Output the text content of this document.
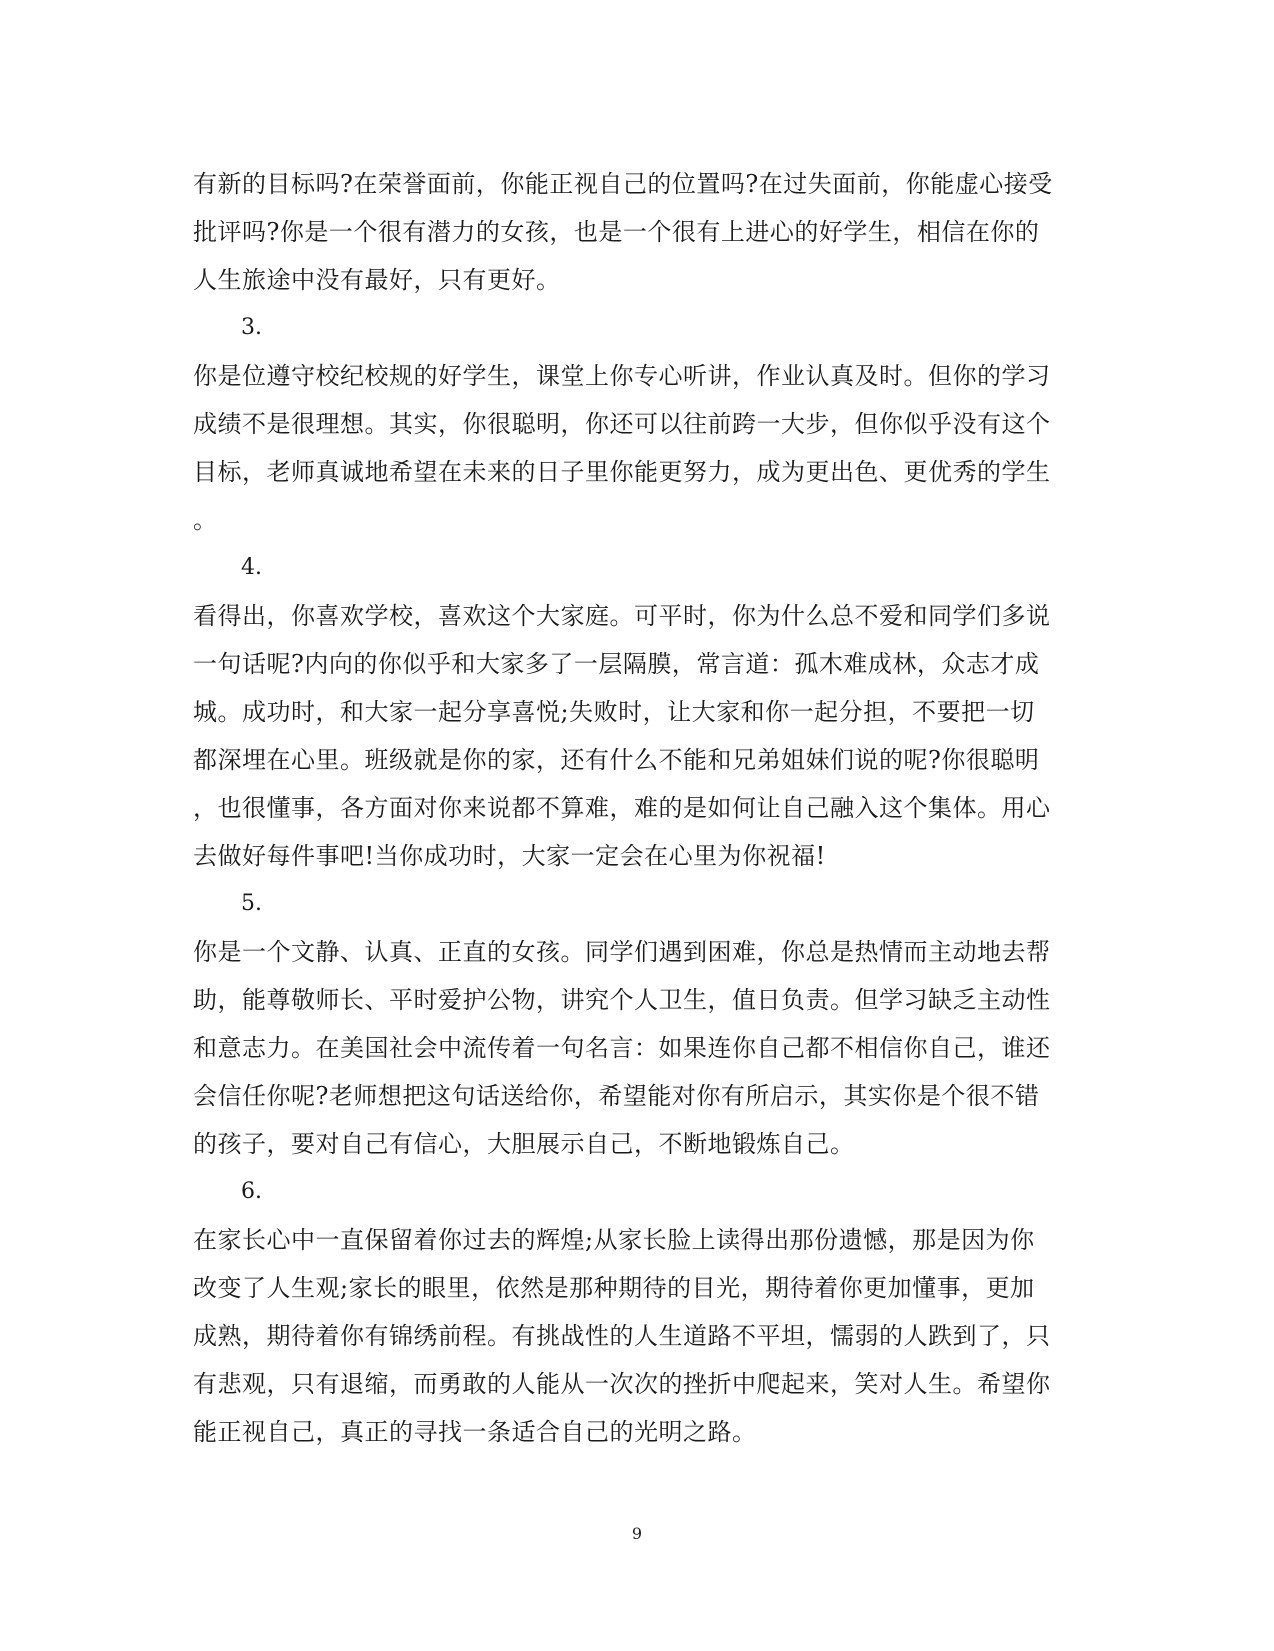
有新的目标吗?在荣誉面前，你能正视自己的位置吗?在过失面前，你能虚心接受
批评吗?你是一个很有潜力的女孩，也是一个很有上进心的好学生，相信在你的
人生旅途中没有最好，只有更好。
3.
你是位遵守校纪校规的好学生，课堂上你专心听讲，作业认真及时。但你的学习
成绩不是很理想。其实，你很聪明，你还可以往前跨一大步，但你似乎没有这个
目标，老师真诚地希望在未来的日子里你能更努力，成为更出色、更优秀的学生
。
4.
看得出，你喜欢学校，喜欢这个大家庭。可平时，你为什么总不爱和同学们多说
一句话呢?内向的你似乎和大家多了一层隔膜，常言道：孤木难成林，众志才成
城。成功时，和大家一起分享喜悦;失败时，让大家和你一起分担，不要把一切
都深埋在心里。班级就是你的家，还有什么不能和兄弟姐妹们说的呢?你很聪明
，也很懂事，各方面对你来说都不算难，难的是如何让自己融入这个集体。用心
去做好每件事吧!当你成功时，大家一定会在心里为你祝福!
5.
你是一个文静、认真、正直的女孩。同学们遇到困难，你总是热情而主动地去帮
助，能尊敬师长、平时爱护公物，讲究个人卫生，值日负责。但学习缺乏主动性
和意志力。在美国社会中流传着一句名言：如果连你自己都不相信你自己，谁还
会信任你呢?老师想把这句话送给你，希望能对你有所启示，其实你是个很不错
的孩子，要对自己有信心，大胆展示自己，不断地锻炼自己。
6.
在家长心中一直保留着你过去的辉煌;从家长脸上读得出那份遗憾，那是因为你
改变了人生观;家长的眼里，依然是那种期待的目光，期待着你更加懂事，更加
成熟，期待着你有锦绣前程。有挑战性的人生道路不平坦，懦弱的人跌到了，只
有悲观，只有退缩，而勇敢的人能从一次次的挫折中爬起来，笑对人生。希望你
能正视自己，真正的寻找一条适合自己的光明之路。
9
